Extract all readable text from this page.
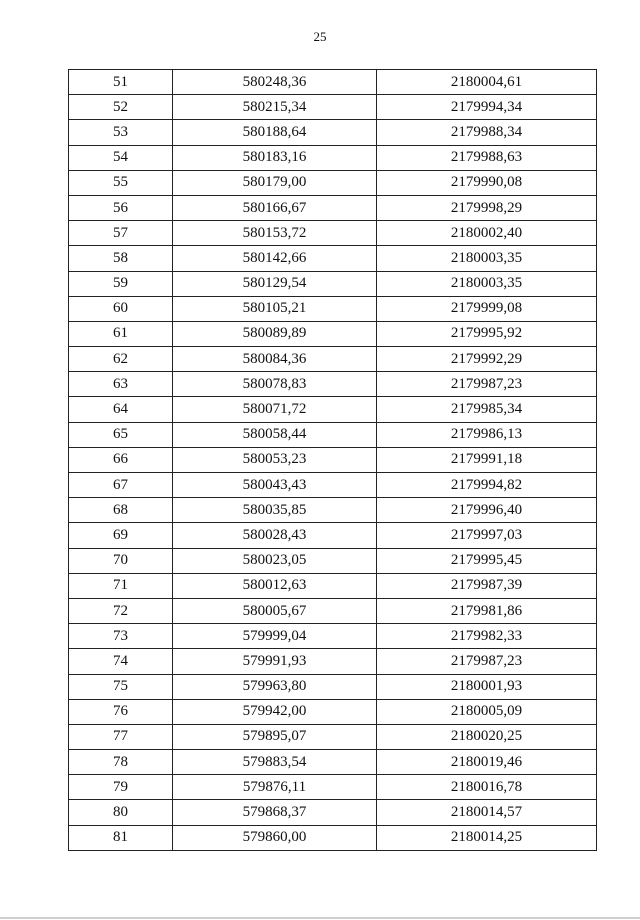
25
51	580248,36	2180004,61
52	580215,34	2179994,34
53	580188,64	2179988,34
54	580183,16	2179988,63
55	580179,00	2179990,08
56	580166,67	2179998,29
57	580153,72	2180002,40
58	580142,66	2180003,35
59	580129,54	2180003,35
60	580105,21	2179999,08
61	580089,89	2179995,92
62	580084,36	2179992,29
63	580078,83	2179987,23
64	580071,72	2179985,34
65	580058,44	2179986,13
66	580053,23	2179991,18
67	580043,43	2179994,82
68	580035,85	2179996,40
69	580028,43	2179997,03
70	580023,05	2179995,45
71	580012,63	2179987,39
72	580005,67	2179981,86
73	579999,04	2179982,33
74	579991,93	2179987,23
75	579963,80	2180001,93
76	579942,00	2180005,09
77	579895,07	2180020,25
78	579883,54	2180019,46
79	579876,11	2180016,78
80	579868,37	2180014,57
81	579860,00	2180014,25
